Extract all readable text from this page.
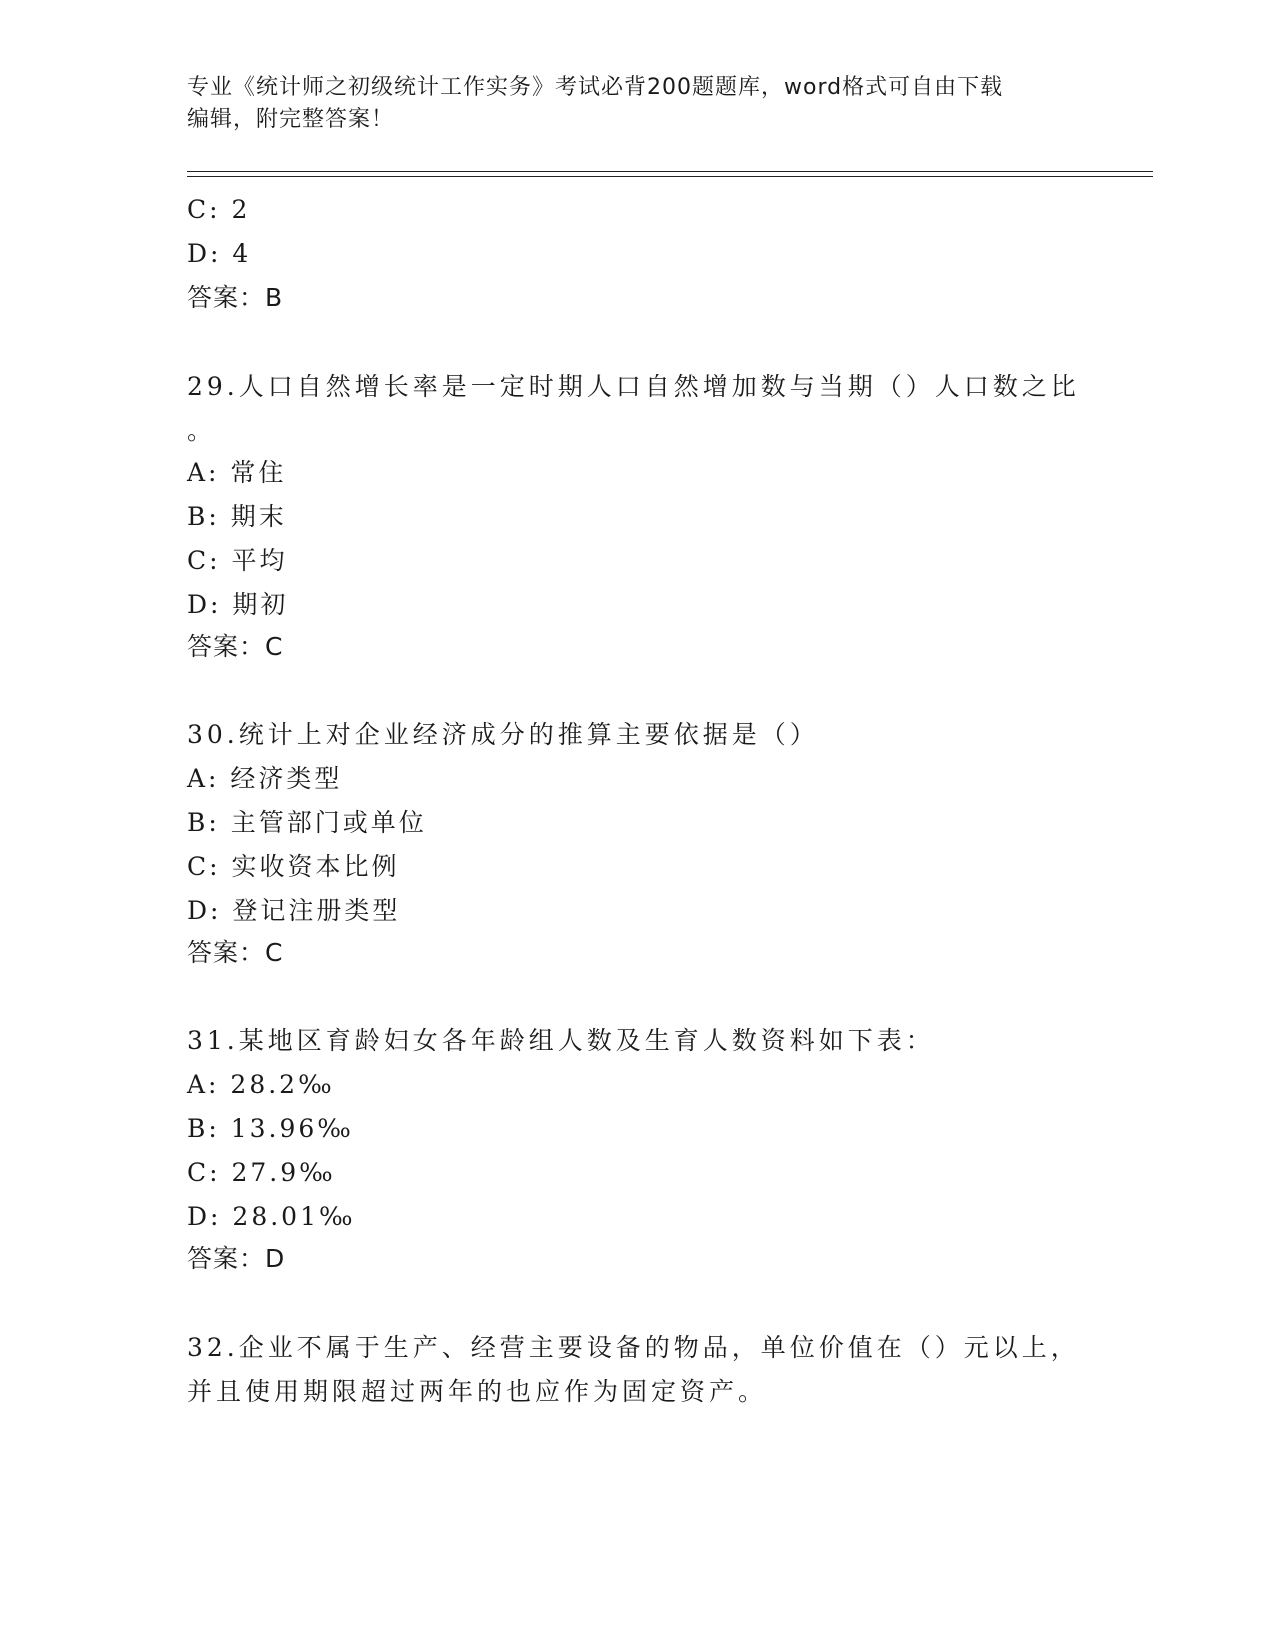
专业《统计师之初级统计工作实务》考试必背200题题库，word格式可自由下载
编辑，附完整答案！
C: 2
D: 4
答案：B
29.人口自然增长率是一定时期人口自然增加数与当期（）人口数之比
。
A: 常住
B: 期末
C: 平均
D: 期初
答案：C
30.统计上对企业经济成分的推算主要依据是（）
A: 经济类型
B: 主管部门或单位
C: 实收资本比例
D: 登记注册类型
答案：C
31.某地区育龄妇女各年龄组人数及生育人数资料如下表：
A: 28.2‰
B: 13.96‰
C: 27.9‰
D: 28.01‰
答案：D
32.企业不属于生产、经营主要设备的物品，单位价值在（）元以上，
并且使用期限超过两年的也应作为固定资产。
